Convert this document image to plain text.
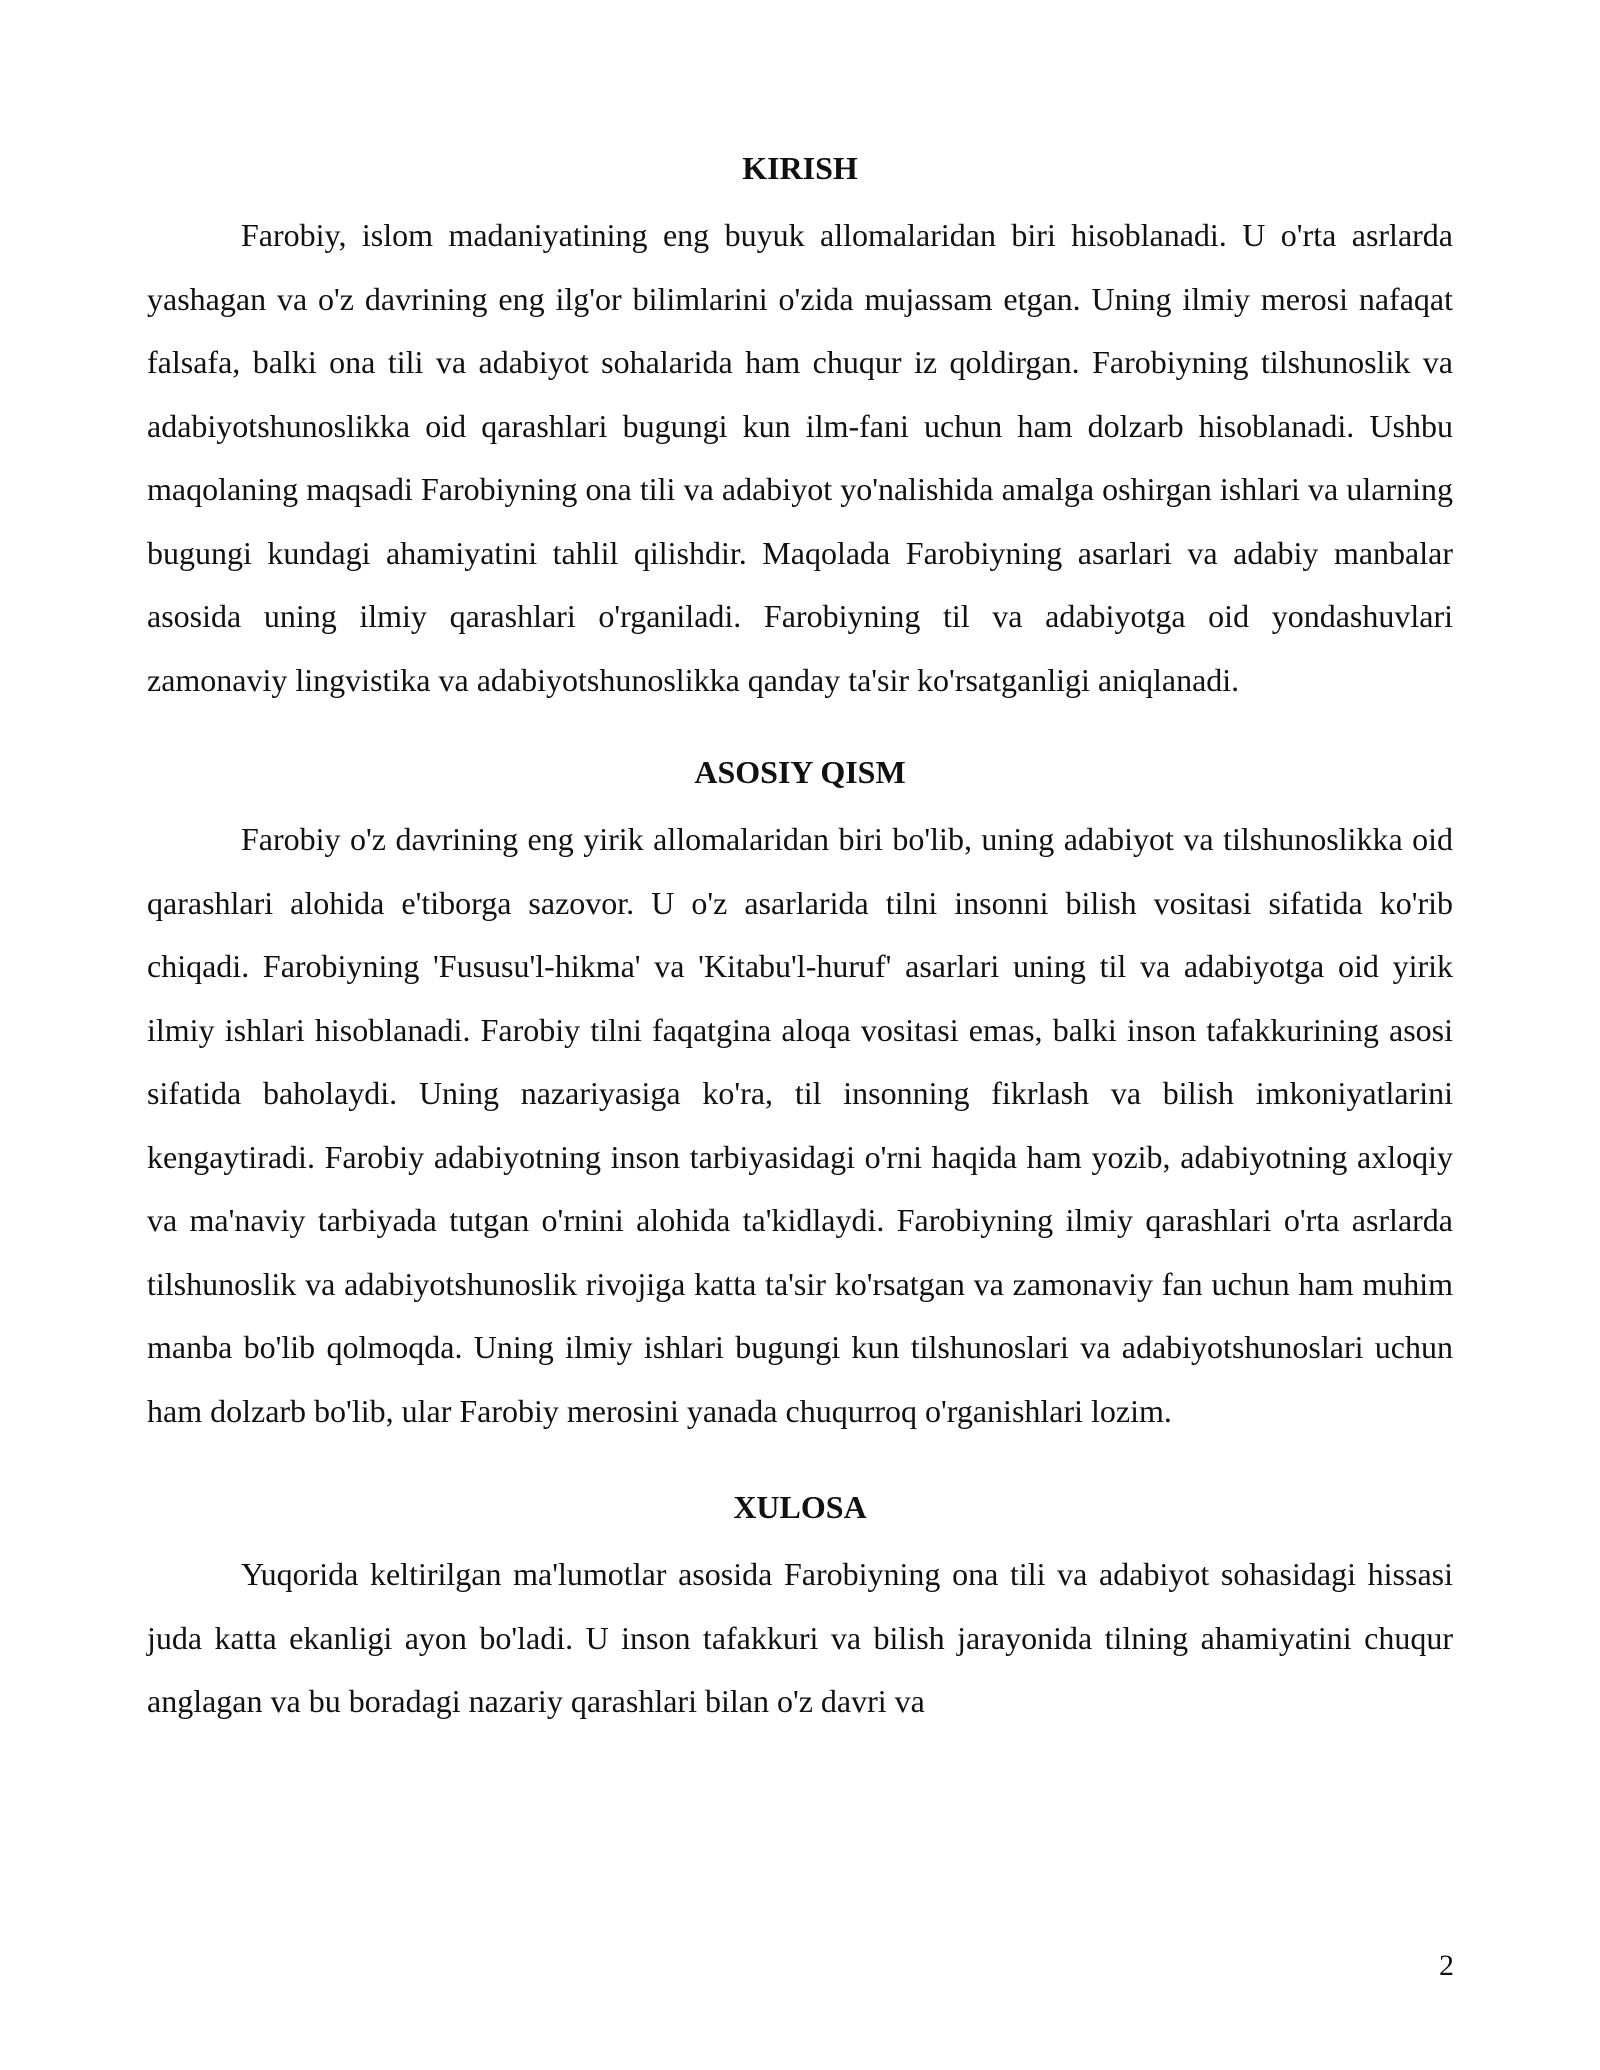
KIRISH

Farobiy, islom madaniyatining eng buyuk allomalaridan biri hisoblanadi. U o'rta asrlarda yashagan va o'z davrining eng ilg'or bilimlarini o'zida mujassam etgan. Uning ilmiy merosi nafaqat falsafa, balki ona tili va adabiyot sohalarida ham chuqur iz qoldirgan. Farobiyning tilshunoslik va adabiyotshunoslikka oid qarashlari bugungi kun ilm-fani uchun ham dolzarb hisoblanadi. Ushbu maqolaning maqsadi Farobiyning ona tili va adabiyot yo'nalishida amalga oshirgan ishlari va ularning bugungi kundagi ahamiyatini tahlil qilishdir. Maqolada Farobiyning asarlari va adabiy manbalar asosida uning ilmiy qarashlari o'rganiladi. Farobiyning til va adabiyotga oid yondashuvlari zamonaviy lingvistika va adabiyotshunoslikka qanday ta'sir ko'rsatganligi aniqlanadi.

ASOSIY QISM

Farobiy o'z davrining eng yirik allomalaridan biri bo'lib, uning adabiyot va tilshunoslikka oid qarashlari alohida e'tiborga sazovor. U o'z asarlarida tilni insonni bilish vositasi sifatida ko'rib chiqadi. Farobiyning 'Fususu'l-hikma' va 'Kitabu'l-huruf' asarlari uning til va adabiyotga oid yirik ilmiy ishlari hisoblanadi. Farobiy tilni faqatgina aloqa vositasi emas, balki inson tafakkurining asosi sifatida baholaydi. Uning nazariyasiga ko'ra, til insonning fikrlash va bilish imkoniyatlarini kengaytiradi. Farobiy adabiyotning inson tarbiyasidagi o'rni haqida ham yozib, adabiyotning axloqiy va ma'naviy tarbiyada tutgan o'rnini alohida ta'kidlaydi. Farobiyning ilmiy qarashlari o'rta asrlarda tilshunoslik va adabiyotshunoslik rivojiga katta ta'sir ko'rsatgan va zamonaviy fan uchun ham muhim manba bo'lib qolmoqda. Uning ilmiy ishlari bugungi kun tilshunoslari va adabiyotshunoslari uchun ham dolzarb bo'lib, ular Farobiy merosini yanada chuqurroq o'rganishlari lozim.

XULOSA

Yuqorida keltirilgan ma'lumotlar asosida Farobiyning ona tili va adabiyot sohasidagi hissasi juda katta ekanligi ayon bo'ladi. U inson tafakkuri va bilish jarayonida tilning ahamiyatini chuqur anglagan va bu boradagi nazariy qarashlari bilan o'z davri va

2
